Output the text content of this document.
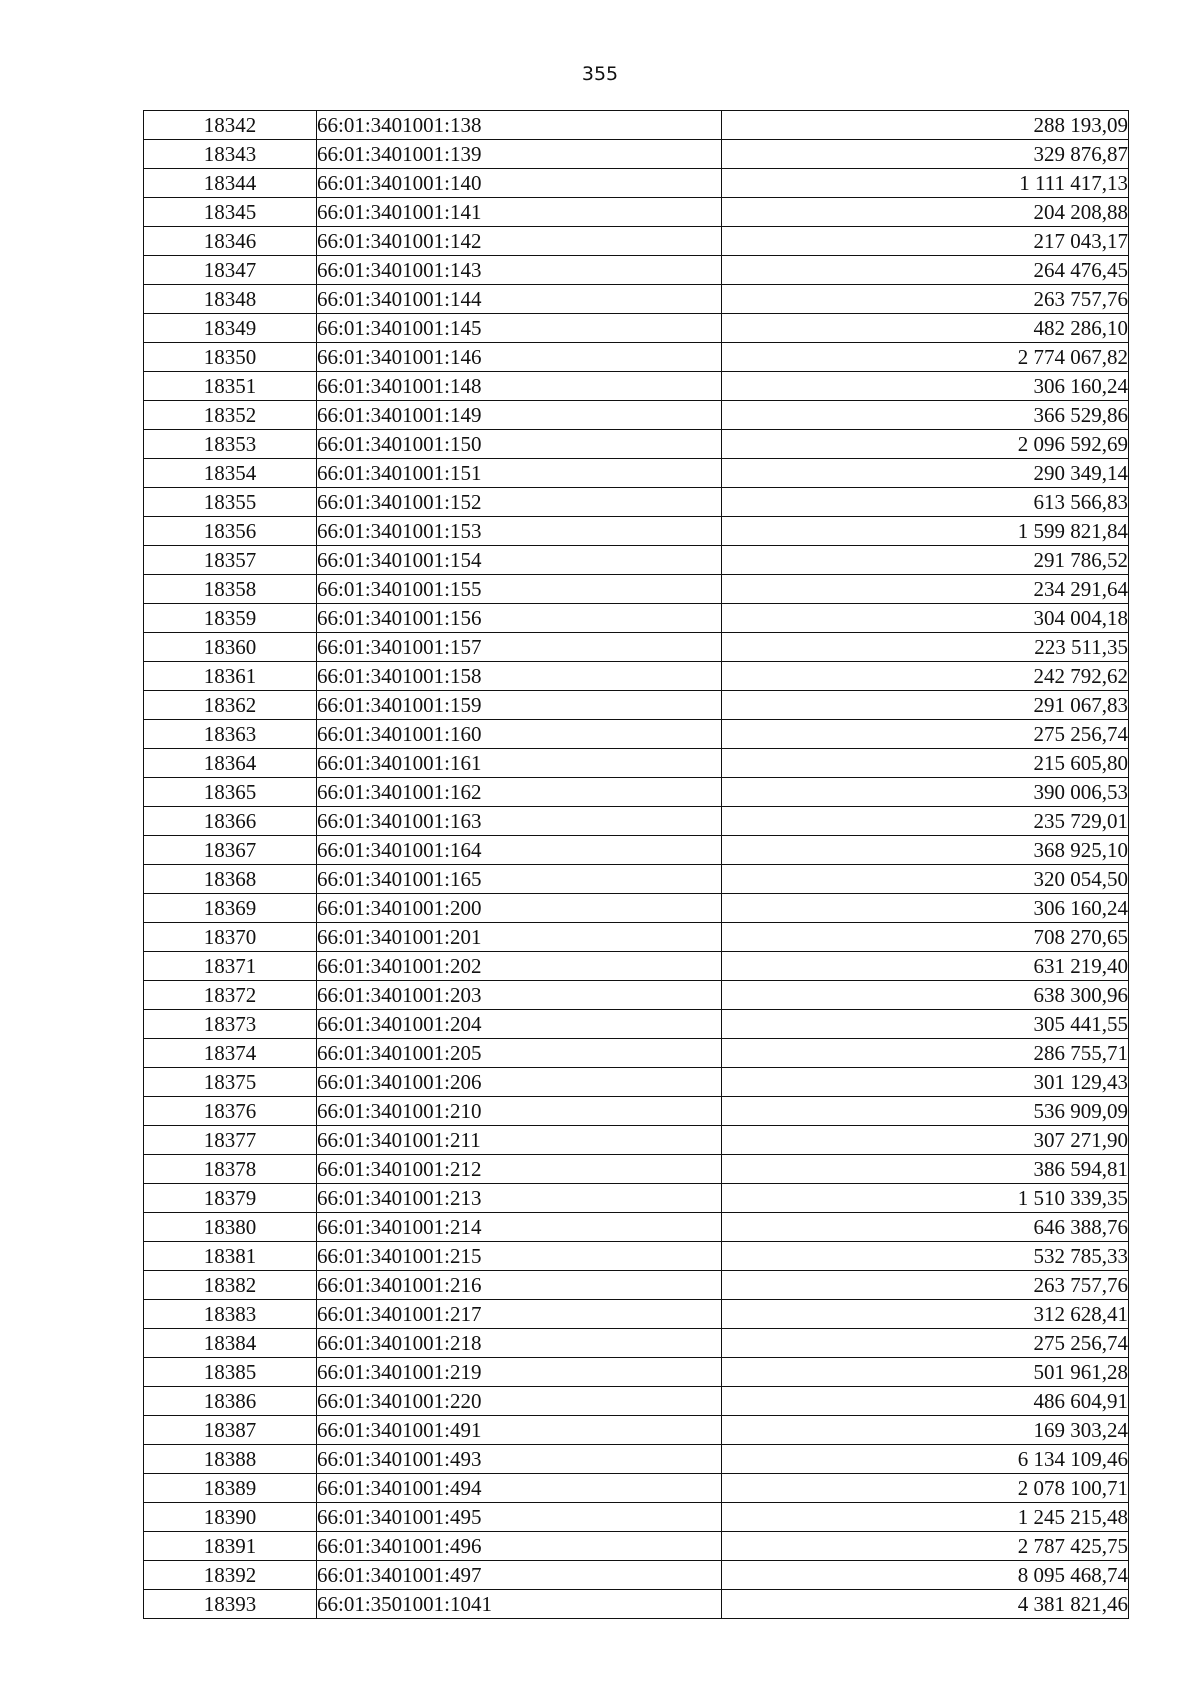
355
18342	66:01:3401001:138	288 193,09
18343	66:01:3401001:139	329 876,87
18344	66:01:3401001:140	1 111 417,13
18345	66:01:3401001:141	204 208,88
18346	66:01:3401001:142	217 043,17
18347	66:01:3401001:143	264 476,45
18348	66:01:3401001:144	263 757,76
18349	66:01:3401001:145	482 286,10
18350	66:01:3401001:146	2 774 067,82
18351	66:01:3401001:148	306 160,24
18352	66:01:3401001:149	366 529,86
18353	66:01:3401001:150	2 096 592,69
18354	66:01:3401001:151	290 349,14
18355	66:01:3401001:152	613 566,83
18356	66:01:3401001:153	1 599 821,84
18357	66:01:3401001:154	291 786,52
18358	66:01:3401001:155	234 291,64
18359	66:01:3401001:156	304 004,18
18360	66:01:3401001:157	223 511,35
18361	66:01:3401001:158	242 792,62
18362	66:01:3401001:159	291 067,83
18363	66:01:3401001:160	275 256,74
18364	66:01:3401001:161	215 605,80
18365	66:01:3401001:162	390 006,53
18366	66:01:3401001:163	235 729,01
18367	66:01:3401001:164	368 925,10
18368	66:01:3401001:165	320 054,50
18369	66:01:3401001:200	306 160,24
18370	66:01:3401001:201	708 270,65
18371	66:01:3401001:202	631 219,40
18372	66:01:3401001:203	638 300,96
18373	66:01:3401001:204	305 441,55
18374	66:01:3401001:205	286 755,71
18375	66:01:3401001:206	301 129,43
18376	66:01:3401001:210	536 909,09
18377	66:01:3401001:211	307 271,90
18378	66:01:3401001:212	386 594,81
18379	66:01:3401001:213	1 510 339,35
18380	66:01:3401001:214	646 388,76
18381	66:01:3401001:215	532 785,33
18382	66:01:3401001:216	263 757,76
18383	66:01:3401001:217	312 628,41
18384	66:01:3401001:218	275 256,74
18385	66:01:3401001:219	501 961,28
18386	66:01:3401001:220	486 604,91
18387	66:01:3401001:491	169 303,24
18388	66:01:3401001:493	6 134 109,46
18389	66:01:3401001:494	2 078 100,71
18390	66:01:3401001:495	1 245 215,48
18391	66:01:3401001:496	2 787 425,75
18392	66:01:3401001:497	8 095 468,74
18393	66:01:3501001:1041	4 381 821,46
